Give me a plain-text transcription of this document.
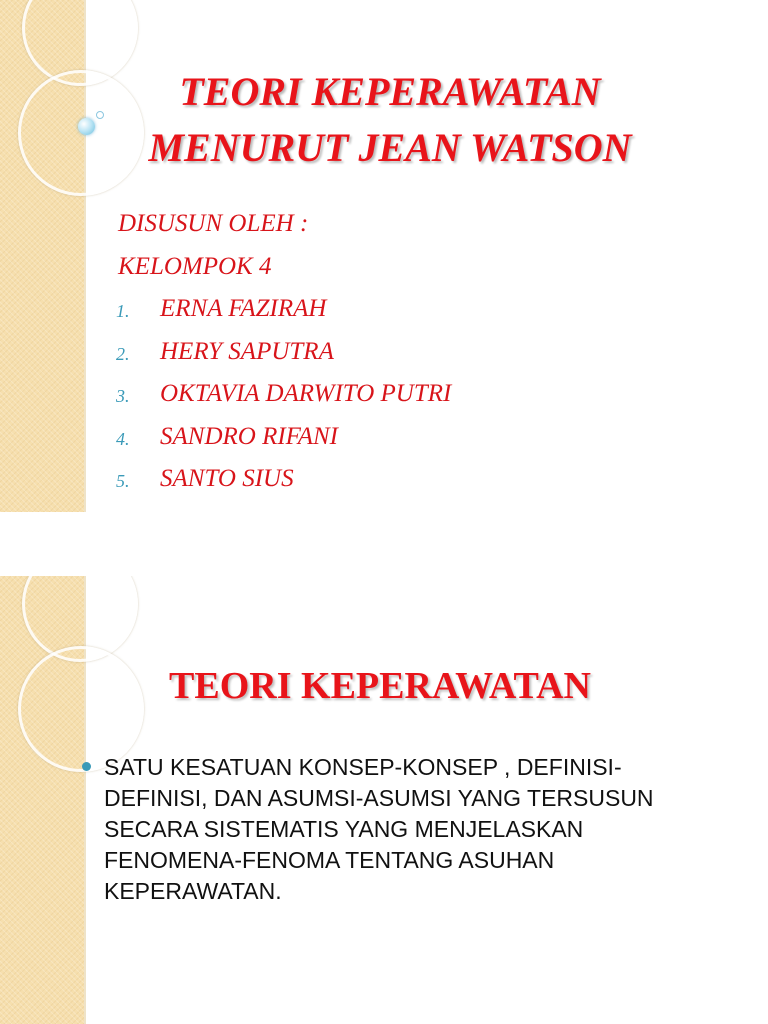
TEORI KEPERAWATAN
MENURUT JEAN WATSON
DISUSUN OLEH :
KELOMPOK 4
1. ERNA FAZIRAH
2. HERY SAPUTRA
3. OKTAVIA DARWITO PUTRI
4. SANDRO RIFANI
5. SANTO SIUS
TEORI KEPERAWATAN

SATU KESATUAN KONSEP-KONSEP , DEFINISI-
DEFINISI, DAN ASUMSI-ASUMSI YANG TERSUSUN
SECARA SISTEMATIS YANG MENJELASKAN
FENOMENA-FENOMA TENTANG ASUHAN
KEPERAWATAN.
